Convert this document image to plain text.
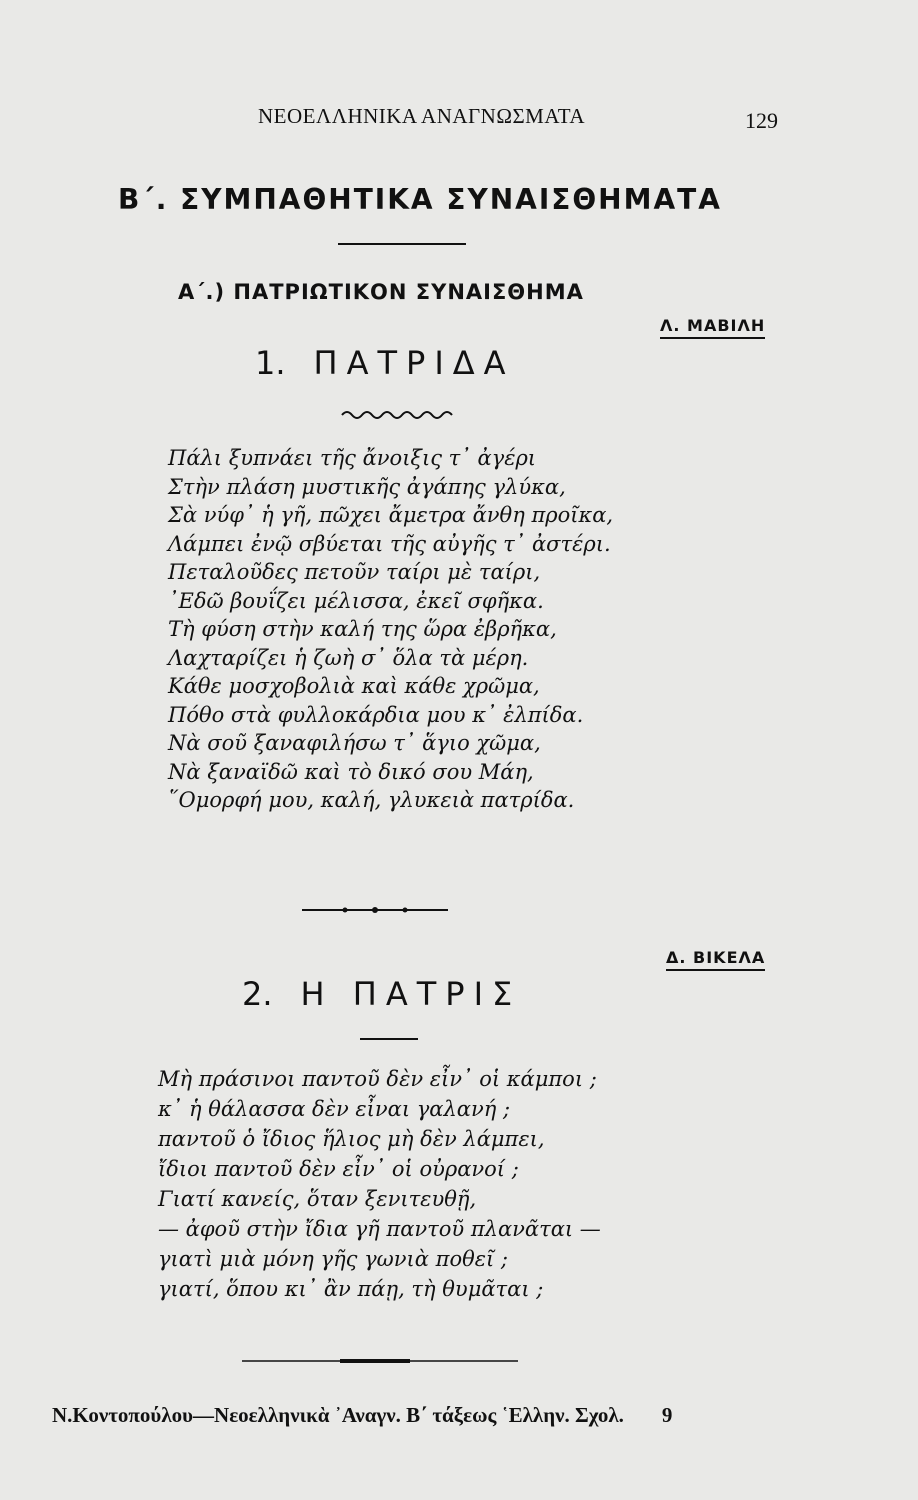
ΝΕΟΕΛΛΗΝΙΚΑ ΑΝΑΓΝΩΣΜΑΤΑ	129
Β΄. ΣΥΜΠΑΘΗΤΙΚΑ ΣΥΝΑΙΣΘΗΜΑΤΑ
Α΄.) ΠΑΤΡΙΩΤΙΚΟΝ ΣΥΝΑΙΣΘΗΜΑ
Λ. ΜΑΒΙΛΗ
1. ΠΑΤΡΙΔΑ
Πάλι ξυπνάει τῆς ἄνοιξις τ᾽ ἀγέρι
Στὴν πλάση μυστικῆς ἀγάπης γλύκα,
Σὰ νύφ᾽ ἡ γῆ, πῶχει ἄμετρα ἄνθη προῖκα,
Λάμπει ἐνῷ σβύεται τῆς αὐγῆς τ᾽ ἀστέρι.
Πεταλοῦδες πετοῦν ταίρι μὲ ταίρι,
᾽Εδῶ βουΐζει μέλισσα, ἐκεῖ σφῆκα.
Τὴ φύση στὴν καλή της ὥρα ἐβρῆκα,
Λαχταρίζει ἡ ζωὴ σ᾽ ὅλα τὰ μέρη.
Κάθε μοσχοβολιὰ καὶ κάθε χρῶμα,
Πόθο στὰ φυλλοκάρδια μου κ᾽ ἐλπίδα.
Νὰ σοῦ ξαναφιλήσω τ᾽ ἅγιο χῶμα,
Νὰ ξαναϊδῶ καὶ τὸ δικό σου Μάη,
῞Ομορφή μου, καλή, γλυκειὰ πατρίδα.
Δ. ΒΙΚΕΛΑ
2. Η ΠΑΤΡΙΣ
Μὴ πράσινοι παντοῦ δὲν εἶν᾽ οἱ κάμποι ;
κ᾽ ἡ θάλασσα δὲν εἶναι γαλανή ;
παντοῦ ὁ ἴδιος ἥλιος μὴ δὲν λάμπει,
ἴδιοι παντοῦ δὲν εἶν᾽ οἱ οὐρανοί ;
Γιατί κανείς, ὅταν ξενιτευθῇ,
— ἀφοῦ στὴν ἴδια γῆ παντοῦ πλανᾶται —
γιατὶ μιὰ μόνη γῆς γωνιὰ ποθεῖ ;
γιατί, ὅπου κι᾽ ἂν πάῃ, τὴ θυμᾶται ;
Ν.Κοντοπούλου—Νεοελληνικὰ ᾽Αναγν. Β΄ τάξεως ῾Ελλην. Σχολ. 9
